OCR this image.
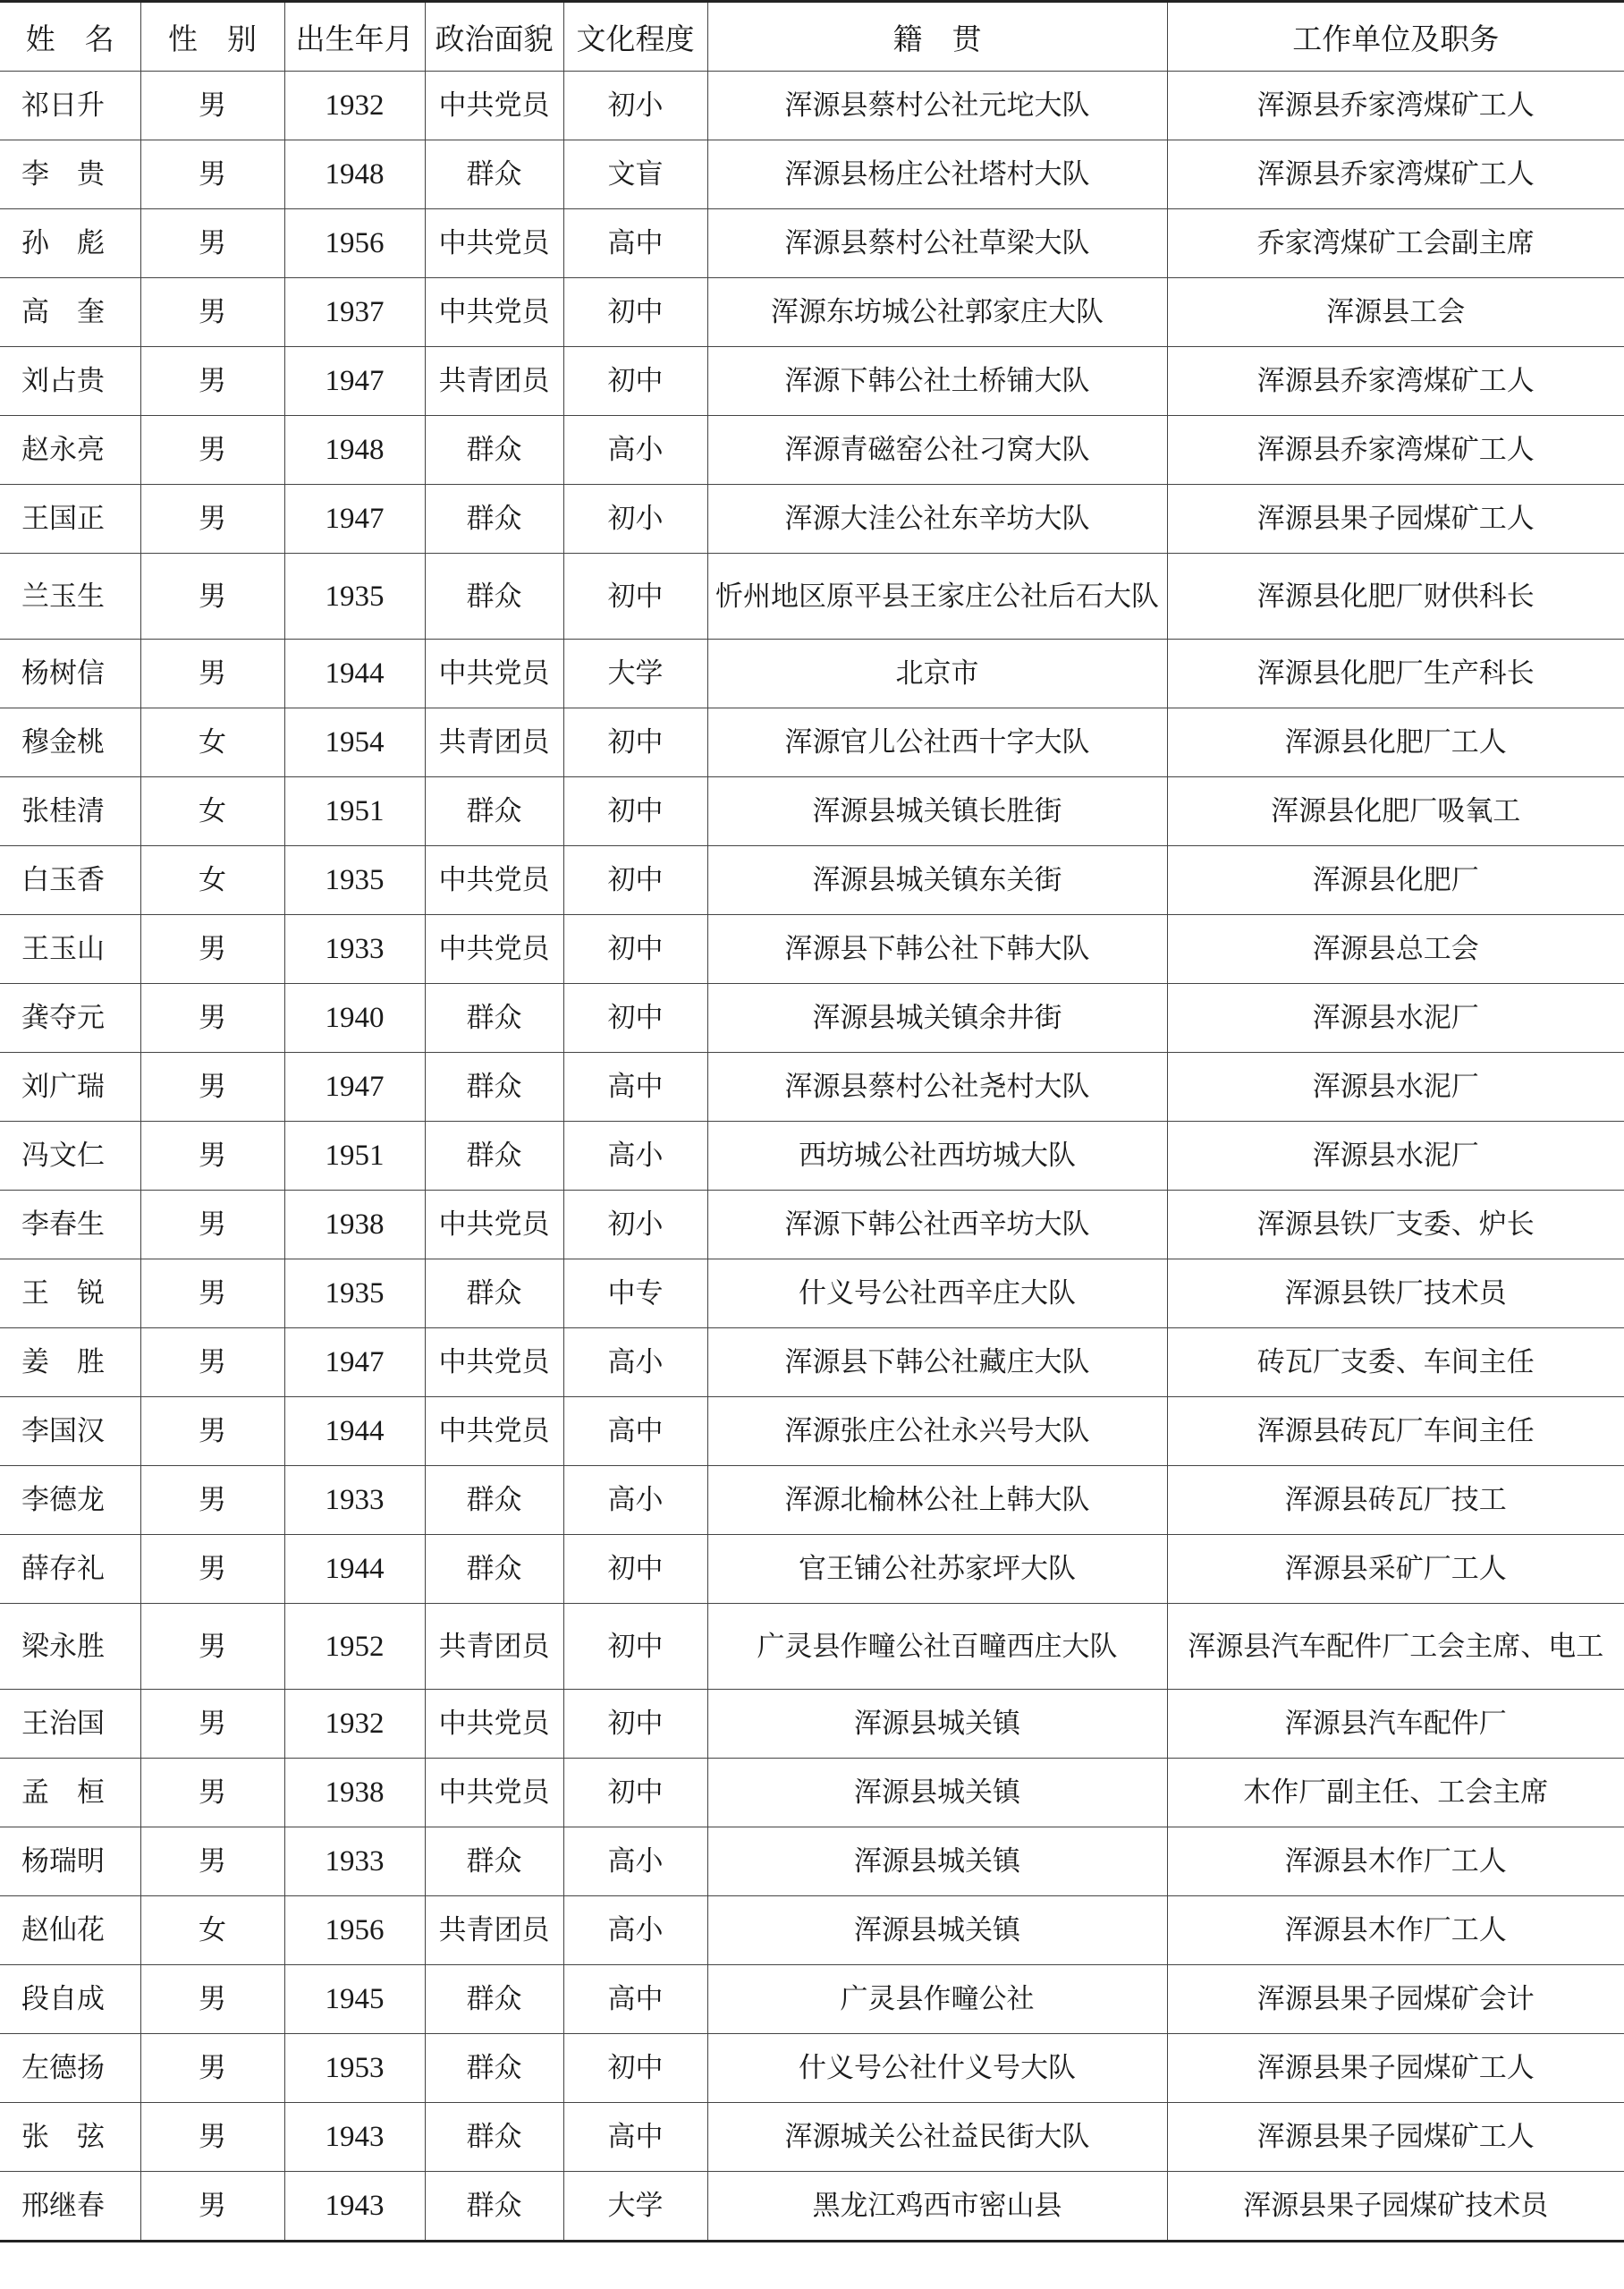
姓　名	性　别	出生年月	政治面貌	文化程度	籍　贯	工作单位及职务
祁日升	男	1932	中共党员	初小	浑源县蔡村公社元坨大队	浑源县乔家湾煤矿工人
李　贵	男	1948	群众	文盲	浑源县杨庄公社塔村大队	浑源县乔家湾煤矿工人
孙　彪	男	1956	中共党员	高中	浑源县蔡村公社草梁大队	乔家湾煤矿工会副主席
高　奎	男	1937	中共党员	初中	浑源东坊城公社郭家庄大队	浑源县工会
刘占贵	男	1947	共青团员	初中	浑源下韩公社土桥铺大队	浑源县乔家湾煤矿工人
赵永亮	男	1948	群众	高小	浑源青磁窑公社刁窝大队	浑源县乔家湾煤矿工人
王国正	男	1947	群众	初小	浑源大洼公社东辛坊大队	浑源县果子园煤矿工人
兰玉生	男	1935	群众	初中	忻州地区原平县王家庄公社后石大队	浑源县化肥厂财供科长
杨树信	男	1944	中共党员	大学	北京市	浑源县化肥厂生产科长
穆金桃	女	1954	共青团员	初中	浑源官儿公社西十字大队	浑源县化肥厂工人
张桂清	女	1951	群众	初中	浑源县城关镇长胜街	浑源县化肥厂吸氧工
白玉香	女	1935	中共党员	初中	浑源县城关镇东关街	浑源县化肥厂
王玉山	男	1933	中共党员	初中	浑源县下韩公社下韩大队	浑源县总工会
龚夺元	男	1940	群众	初中	浑源县城关镇余井街	浑源县水泥厂
刘广瑞	男	1947	群众	高中	浑源县蔡村公社尧村大队	浑源县水泥厂
冯文仁	男	1951	群众	高小	西坊城公社西坊城大队	浑源县水泥厂
李春生	男	1938	中共党员	初小	浑源下韩公社西辛坊大队	浑源县铁厂支委、炉长
王　锐	男	1935	群众	中专	什义号公社西辛庄大队	浑源县铁厂技术员
姜　胜	男	1947	中共党员	高小	浑源县下韩公社藏庄大队	砖瓦厂支委、车间主任
李国汉	男	1944	中共党员	高中	浑源张庄公社永兴号大队	浑源县砖瓦厂车间主任
李德龙	男	1933	群众	高小	浑源北榆林公社上韩大队	浑源县砖瓦厂技工
薛存礼	男	1944	群众	初中	官王铺公社苏家坪大队	浑源县采矿厂工人
梁永胜	男	1952	共青团员	初中	广灵县作疃公社百疃西庄大队	浑源县汽车配件厂工会主席、电工
王治国	男	1932	中共党员	初中	浑源县城关镇	浑源县汽车配件厂
孟　桓	男	1938	中共党员	初中	浑源县城关镇	木作厂副主任、工会主席
杨瑞明	男	1933	群众	高小	浑源县城关镇	浑源县木作厂工人
赵仙花	女	1956	共青团员	高小	浑源县城关镇	浑源县木作厂工人
段自成	男	1945	群众	高中	广灵县作疃公社	浑源县果子园煤矿会计
左德扬	男	1953	群众	初中	什义号公社什义号大队	浑源县果子园煤矿工人
张　弦	男	1943	群众	高中	浑源城关公社益民街大队	浑源县果子园煤矿工人
邢继春	男	1943	群众	大学	黑龙江鸡西市密山县	浑源县果子园煤矿技术员
